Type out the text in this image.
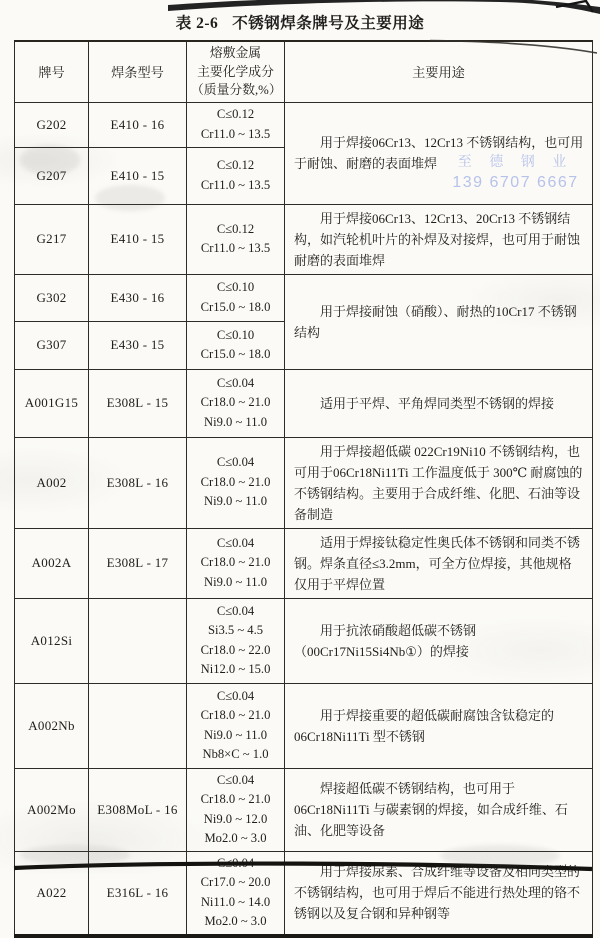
表 2-6 不锈钢焊条牌号及主要用途
牌号	焊条型号	熔敷金属
主要化学成分
（质量分数,%）	主要用途
G202	E410 - 16	C≤0.12
Cr11.0 ~ 13.5	用于焊接06Cr13、12Cr13 不锈钢结构，也可用于耐蚀、耐磨的表面堆焊

G207	E410 - 15	C≤0.12
Cr11.0 ~ 13.5	

G217	E410 - 15	C≤0.12
Cr11.0 ~ 13.5	用于焊接06Cr13、12Cr13、20Cr13 不锈钢结构，如汽轮机叶片的补焊及对接焊，也可用于耐蚀耐磨的表面堆焊

G302	E430 - 16	C≤0.10
Cr15.0 ~ 18.0	用于焊接耐蚀（硝酸）、耐热的10Cr17 不锈钢结构

G307	E430 - 15	C≤0.10
Cr15.0 ~ 18.0	

A001G15	E308L - 15	C≤0.04
Cr18.0 ~ 21.0
Ni9.0 ~ 11.0	适用于平焊、平角焊同类型不锈钢的焊接

A002	E308L - 16	C≤0.04
Cr18.0 ~ 21.0
Ni9.0 ~ 11.0	用于焊接超低碳 022Cr19Ni10 不锈钢结构，也可用于06Cr18Ni11Ti 工作温度低于 300℃ 耐腐蚀的不锈钢结构。主要用于合成纤维、化肥、石油等设备制造

A002A	E308L - 17	C≤0.04
Cr18.0 ~ 21.0
Ni9.0 ~ 11.0	适用于焊接钛稳定性奥氏体不锈钢和同类不锈钢。焊条直径≤3.2mm，可全方位焊接，其他规格仅用于平焊位置

A012Si		C≤0.04
Si3.5 ~ 4.5
Cr18.0 ~ 22.0
Ni12.0 ~ 15.0	用于抗浓硝酸超低碳不锈钢（00Cr17Ni15Si4Nb①）的焊接

A002Nb		C≤0.04
Cr18.0 ~ 21.0
Ni9.0 ~ 11.0
Nb8×C ~ 1.0	用于焊接重要的超低碳耐腐蚀含钛稳定的 06Cr18Ni11Ti 型不锈钢

A002Mo	E308MoL - 16	C≤0.04
Cr18.0 ~ 21.0
Ni9.0 ~ 12.0
Mo2.0 ~ 3.0	焊接超低碳不锈钢结构，也可用于 06Cr18Ni11Ti 与碳素钢的焊接，如合成纤维、石油、化肥等设备

A022	E316L - 16	C≤0.04
Cr17.0 ~ 20.0
Ni11.0 ~ 14.0
Mo2.0 ~ 3.0	用于焊接尿素、合成纤维等设备及相同类型的不锈钢结构，也可用于焊后不能进行热处理的铬不锈钢以及复合钢和异种钢等

至 德 钢 业
139 6707 6667
